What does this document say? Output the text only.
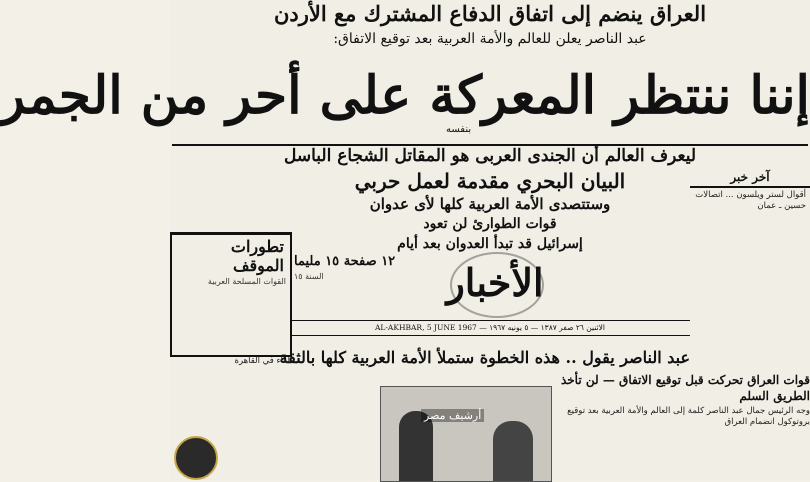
العراق ينضم إلى اتفاق الدفاع المشترك مع الأردن
عبد الناصر يعلن للعالم والأمة العربية بعد توقيع الاتفاق:
إننا ننتظر المعركة على أحر من الجمر
بنفسه
ليعرف العالم أن الجندى العربى هو المقاتل الشجاع الباسل
آخر خبر
أقوال لستر ويلسون ... اتصالات حسين ـ عمان
البيان البحري مقدمة لعمل حربي
وستتصدى الأمة العربية كلها لأى عدوان
قوات الطوارئ لن تعود
إسرائيل قد تبدأ العدوان بعد أيام
تطورات الموقف
القوات المسلحة العربية	الأخبار
١٢ صفحة ١٥ مليما
السنة ١٥
AL-AKHBAR, 5 JUNE 1967 — الاثنين ٢٦ صفر ١٣٨٧ — ٥ يونيه ١٩٦٧
عبد الناصر يقول .. هذه الخطوة ستملأ الأمة العربية كلها بالثقة
قوات العراق تحركت قبل توقيع الاتفاق — لن تأخذ الطريق السلم
وجه الرئيس جمال عبد الناصر كلمة إلى العالم والأمة العربية بعد توقيع بروتوكول انضمام العراق
لقاء في القاهرة
أرشيف مصر
